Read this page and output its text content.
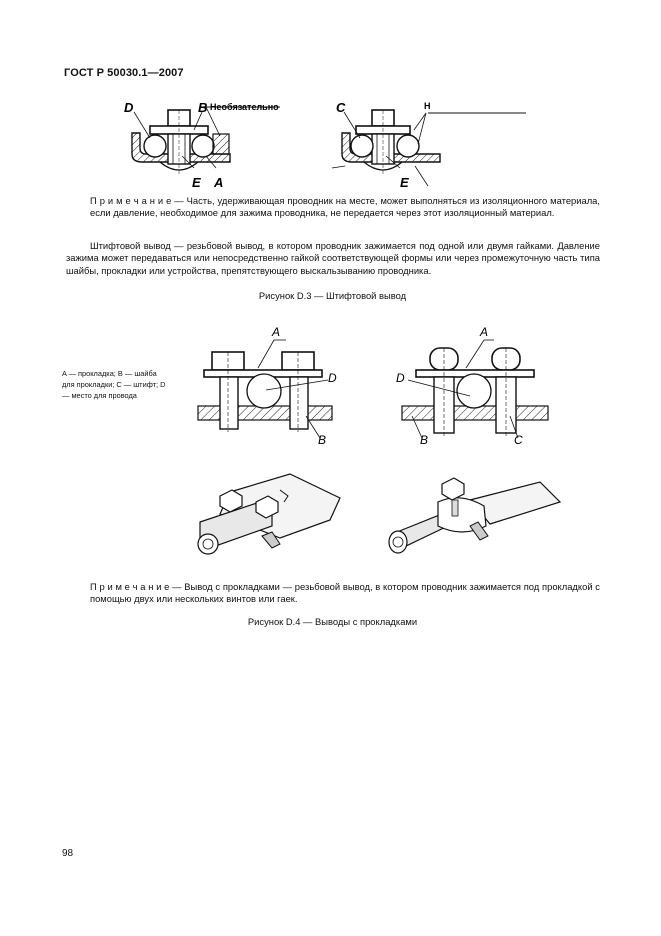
ГОСТ Р 50030.1—2007
D	B
E A
Необязательно	C	H
E
П р и м е ч а н и е — Часть, удерживающая проводник на месте, может выполняться из изоляционного материала, если давление, необходимое для зажима проводника, не передается через этот изоляционный материал.
Штифтовой вывод — резьбовой вывод, в котором проводник зажимается под одной или двумя гайками. Давление зажима может передаваться или непосредственно гайкой соответствующей формы или через промежуточную часть типа шайбы, прокладки или устройства, препятствующего выскальзыванию проводника.
Рисунок D.3 — Штифтовой вывод
A — прокладка; B — шайба для прокладки; C — штифт; D — место для провода
A
D
B
A
D
B	C
П р и м е ч а н и е — Вывод с прокладками — резьбовой вывод, в котором проводник зажимается под прокладкой с помощью двух или нескольких винтов или гаек.
Рисунок D.4 — Выводы с прокладками
98
